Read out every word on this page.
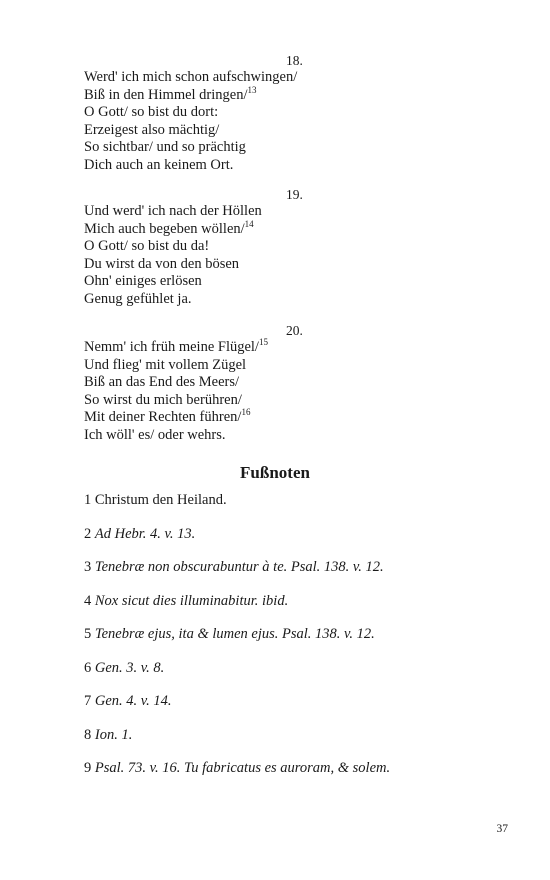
18.
Werd' ich mich schon aufschwingen/
Biß in den Himmel dringen/$^{13}$
O Gott/ so bist du dort:
Erzeigest also mächtig/
So sichtbar/ und so prächtig
Dich auch an keinem Ort.
19.
Und werd' ich nach der Höllen
Mich auch begeben wöllen/$^{14}$
O Gott/ so bist du da!
Du wirst da von den bösen
Ohn' einiges erlösen
Genug gefühlet ja.
20.
Nemm' ich früh meine Flügel/$^{15}$
Und flieg' mit vollem Zügel
Biß an das End des Meers/
So wirst du mich berühren/
Mit deiner Rechten führen/$^{16}$
Ich wöll' es/ oder wehrs.
Fußnoten
1 Christum den Heiland.
2 Ad Hebr. 4. v. 13.
3 Tenebræ non obscurabuntur à te. Psal. 138. v. 12.
4 Nox sicut dies illuminabitur. ibid.
5 Tenebræ ejus, ita & lumen ejus. Psal. 138. v. 12.
6 Gen. 3. v. 8.
7 Gen. 4. v. 14.
8 Ion. 1.
9 Psal. 73. v. 16. Tu fabricatus es auroram, & solem.
37
